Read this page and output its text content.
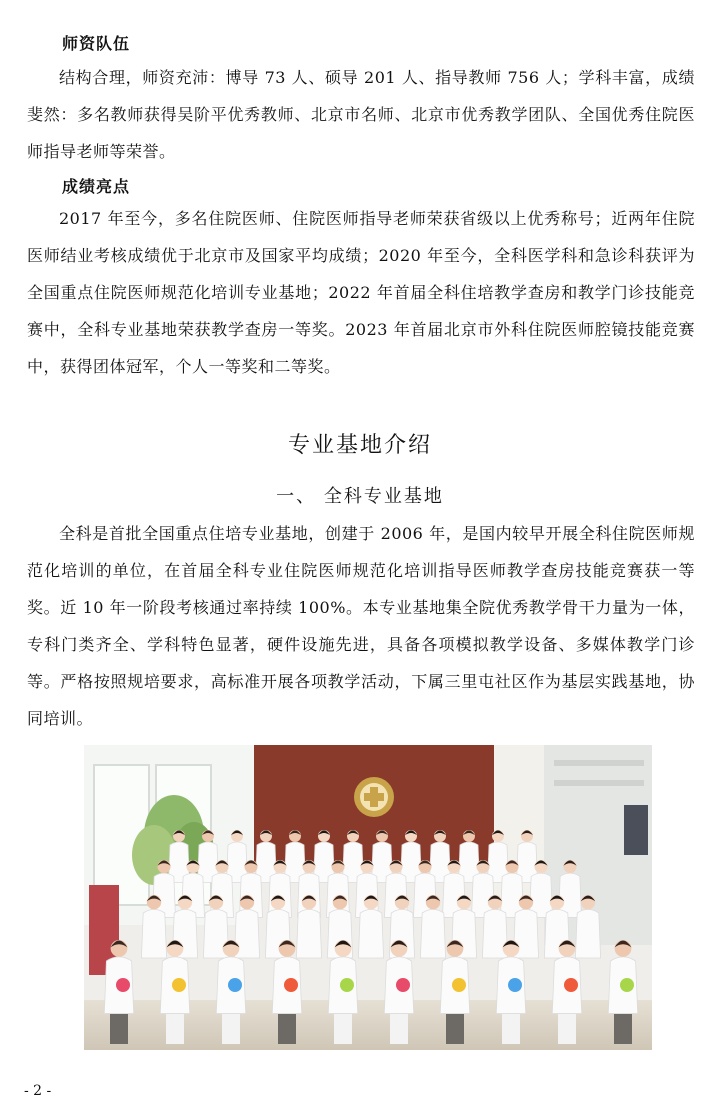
师资队伍

结构合理，师资充沛：博导 73 人、硕导 201 人、指导教师 756 人；学科丰富，成绩斐然：多名教师获得吴阶平优秀教师、北京市名师、北京市优秀教学团队、全国优秀住院医师指导老师等荣誉。

成绩亮点

2017 年至今，多名住院医师、住院医师指导老师荣获省级以上优秀称号；近两年住院医师结业考核成绩优于北京市及国家平均成绩；2020 年至今，全科医学科和急诊科获评为全国重点住院医师规范化培训专业基地；2022 年首届全科住培教学查房和教学门诊技能竞赛中，全科专业基地荣获教学查房一等奖。2023 年首届北京市外科住院医师腔镜技能竞赛中，获得团体冠军，个人一等奖和二等奖。

专业基地介绍
一、 全科专业基地

全科是首批全国重点住培专业基地，创建于 2006 年，是国内较早开展全科住院医师规范化培训的单位，在首届全科专业住院医师规范化培训指导医师教学查房技能竞赛获一等奖。近 10 年一阶段考核通过率持续 100%。本专业基地集全院优秀教学骨干力量为一体，专科门类齐全、学科特色显著，硬件设施先进，具备各项模拟教学设备、多媒体教学门诊等。严格按照规培要求，高标准开展各项教学活动，下属三里屯社区作为基层实践基地，协同培训。

- 2 -
